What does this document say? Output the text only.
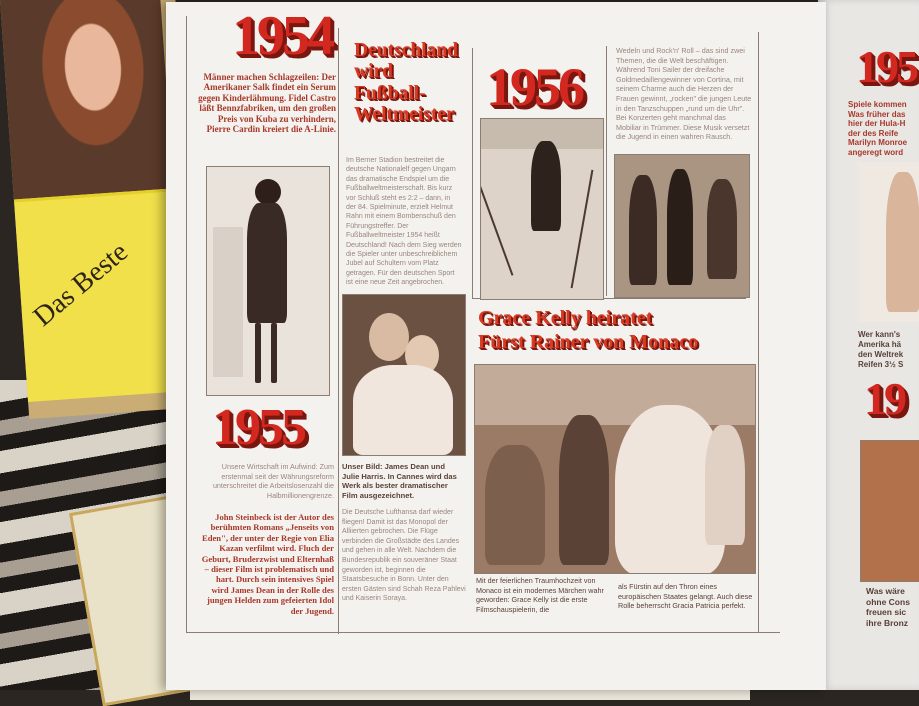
Das Beste
195
Spiele kommen
Was früher das
hier der Hula-H
der des Reife
Marilyn Monroe
angeregt word
Wer kann's
Amerika hä
den Weltrek
Reifen 3½ S
19
Was wäre
ohne Cons
freuen sic
ihre Bronz
1954
Männer machen Schlagzeilen: Der Amerikaner Salk findet ein Serum gegen Kinderlähmung. Fidel Castro läßt Bennzfabriken, um den großen Preis von Kuba zu verhindern, Pierre Cardin kreiert die A-Linie.
Deutschland
wird
Fußball-
Weltmeister
Im Berner Stadion bestreitet die deutsche Nationalelf gegen Ungarn das dramatische Endspiel um die Fußballweltmeisterschaft. Bis kurz vor Schluß steht es 2:2 – dann, in der 84. Spielminute, erzielt Helmut Rahn mit einem Bombenschuß den Führungstreffer. Der Fußballweltmeister 1954 heißt Deutschland! Nach dem Sieg werden die Spieler unter unbeschreiblichem Jubel auf Schultern vom Platz getragen. Für den deutschen Sport ist eine neue Zeit angebrochen.
1956
Wedeln und Rock'n' Roll – das sind zwei Themen, die die Welt beschäftigen. Während Toni Sailer der dreifache Goldmedaillengewinner von Cortina, mit seinem Charme auch die Herzen der Frauen gewinnt, „rocken" die jungen Leute in den Tanzschuppen „rund um die Uhr". Bei Konzerten geht manchmal das Mobiliar in Trümmer. Diese Musik versetzt die Jugend in einen wahren Rausch.
Unser Bild: James Dean und Julie Harris. In Cannes wird das Werk als bester dramatischer Film ausgezeichnet.
Die Deutsche Lufthansa darf wieder fliegen! Damit ist das Monopol der Alliierten gebrochen. Die Flüge verbinden die Großstädte des Landes und gehen in alle Welt. Nachdem die Bundesrepublik ein souveräner Staat geworden ist, beginnen die Staatsbesuche in Bonn. Unter den ersten Gästen sind Schah Reza Pahlevi und Kaiserin Soraya.
1955
Unsere Wirtschaft im Aufwind: Zum erstenmal seit der Währungsreform unterschreitet die Arbeitslosenzahl die Halbmillionengrenze.
John Steinbeck ist der Autor des berühmten Romans „Jenseits von Eden", der unter der Regie von Elia Kazan verfilmt wird. Fluch der Geburt, Bruderzwist und Elternhaß – dieser Film ist problematisch und hart. Durch sein intensives Spiel wird James Dean in der Rolle des jungen Helden zum gefeierten Idol der Jugend.
Grace Kelly heiratet
Fürst Rainer von Monaco
Mit der feierlichen Traumhochzeit von Monaco ist ein modernes Märchen wahr geworden: Grace Kelly ist die erste Filmschauspielerin, die
als Fürstin auf den Thron eines europäischen Staates gelangt. Auch diese Rolle beherrscht Gracia Patricia perfekt.
